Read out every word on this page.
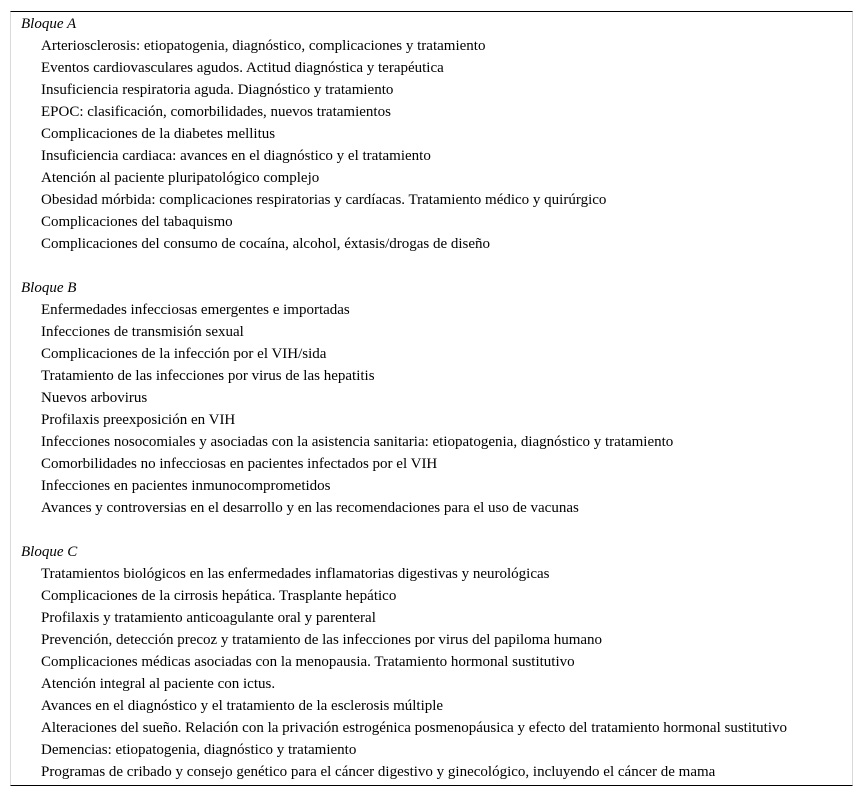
Bloque A
Arteriosclerosis: etiopatogenia, diagnóstico, complicaciones y tratamiento
Eventos cardiovasculares agudos. Actitud diagnóstica y terapéutica
Insuficiencia respiratoria aguda. Diagnóstico y tratamiento
EPOC: clasificación, comorbilidades, nuevos tratamientos
Complicaciones de la diabetes mellitus
Insuficiencia cardiaca: avances en el diagnóstico y el tratamiento
Atención al paciente pluripatológico complejo
Obesidad mórbida: complicaciones respiratorias y cardíacas. Tratamiento médico y quirúrgico
Complicaciones del tabaquismo
Complicaciones del consumo de cocaína, alcohol, éxtasis/drogas de diseño
Bloque B
Enfermedades infecciosas emergentes e importadas
Infecciones de transmisión sexual
Complicaciones de la infección por el VIH/sida
Tratamiento de las infecciones por virus de las hepatitis
Nuevos arbovirus
Profilaxis preexposición en VIH
Infecciones nosocomiales y asociadas con la asistencia sanitaria: etiopatogenia, diagnóstico y tratamiento
Comorbilidades no infecciosas en pacientes infectados por el VIH
Infecciones en pacientes inmunocomprometidos
Avances y controversias en el desarrollo y en las recomendaciones para el uso de vacunas
Bloque C
Tratamientos biológicos en las enfermedades inflamatorias digestivas y neurológicas
Complicaciones de la cirrosis hepática. Trasplante hepático
Profilaxis y tratamiento anticoagulante oral y parenteral
Prevención, detección precoz y tratamiento de las infecciones por virus del papiloma humano
Complicaciones médicas asociadas con la menopausia. Tratamiento hormonal sustitutivo
Atención integral al paciente con ictus.
Avances en el diagnóstico y el tratamiento de la esclerosis múltiple
Alteraciones del sueño. Relación con la privación estrogénica posmenopáusica y efecto del tratamiento hormonal sustitutivo
Demencias: etiopatogenia, diagnóstico y tratamiento
Programas de cribado y consejo genético para el cáncer digestivo y ginecológico, incluyendo el cáncer de mama
